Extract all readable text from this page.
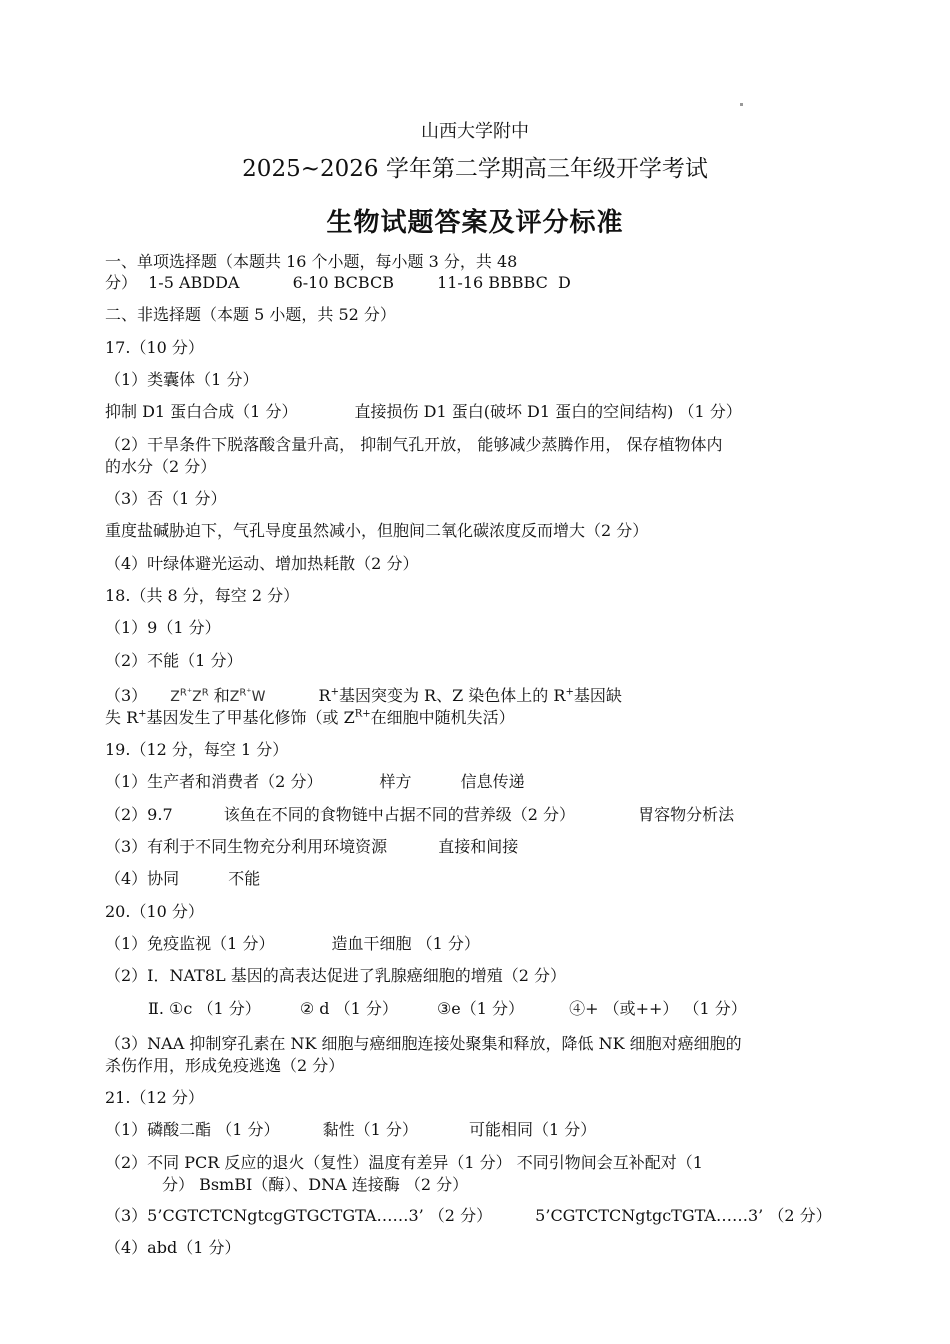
山西大学附中
2025~2026 学年第二学期高三年级开学考试
生物试题答案及评分标准
一、单项选择题（本题共 16 个小题，每小题 3 分，共 48
分） 1-5 ABDDA	6-10 BCBCB	11-16 BBBBC  D
二、非选择题（本题 5 小题，共 52 分）
17.（10 分）
（1）类囊体（1 分）
抑制 D1 蛋白合成（1 分）	直接损伤 D1 蛋白(破坏 D1 蛋白的空间结构) （1 分）
（2）干旱条件下脱落酸含量升高， 抑制气孔开放， 能够减少蒸腾作用， 保存植物体内
的水分（2 分）
（3）否（1 分）
重度盐碱胁迫下，气孔导度虽然减小，但胞间二氧化碳浓度反而增大（2 分）
（4）叶绿体避光运动、增加热耗散（2 分）
18.（共 8 分，每空 2 分）
（1）9（1 分）
（2）不能（1 分）
（3） $Z^{R^+}Z^R$ 和$Z^{R^+}W$	R+基因突变为 R、Z 染色体上的 R+基因缺
失 R+基因发生了甲基化修饰（或 $Z^{R+}$在细胞中随机失活）
19.（12 分，每空 1 分）
（1）生产者和消费者（2 分）	样方	信息传递
（2）9.7	该鱼在不同的食物链中占据不同的营养级（2 分）	胃容物分析法
（3）有利于不同生物充分利用环境资源	直接和间接
（4）协同	不能
20.（10 分）
（1）免疫监视（1 分）	造血干细胞 （1 分）
（2）Ⅰ．NAT8L 基因的高表达促进了乳腺癌细胞的增殖（2 分）
Ⅱ. ①c （1 分） ② d （1 分） ③e（1 分）	④+ （或++） （1 分）
（3）NAA 抑制穿孔素在 NK 细胞与癌细胞连接处聚集和释放，降低 NK 细胞对癌细胞的
杀伤作用，形成免疫逃逸（2 分）
21.（12 分）
（1）磷酸二酯 （1 分）	黏性（1 分）	可能相同（1 分）
（2）不同 PCR 反应的退火（复性）温度有差异（1 分） 不同引物间会互补配对（1
分） BsmBⅠ（酶）、DNA 连接酶 （2 分）
（3）5’CGTCTCNgtcgGTGCTGTA……3’ （2 分）	5’CGTCTCNgtgcTGTA……3’ （2 分）
（4）abd（1 分）
